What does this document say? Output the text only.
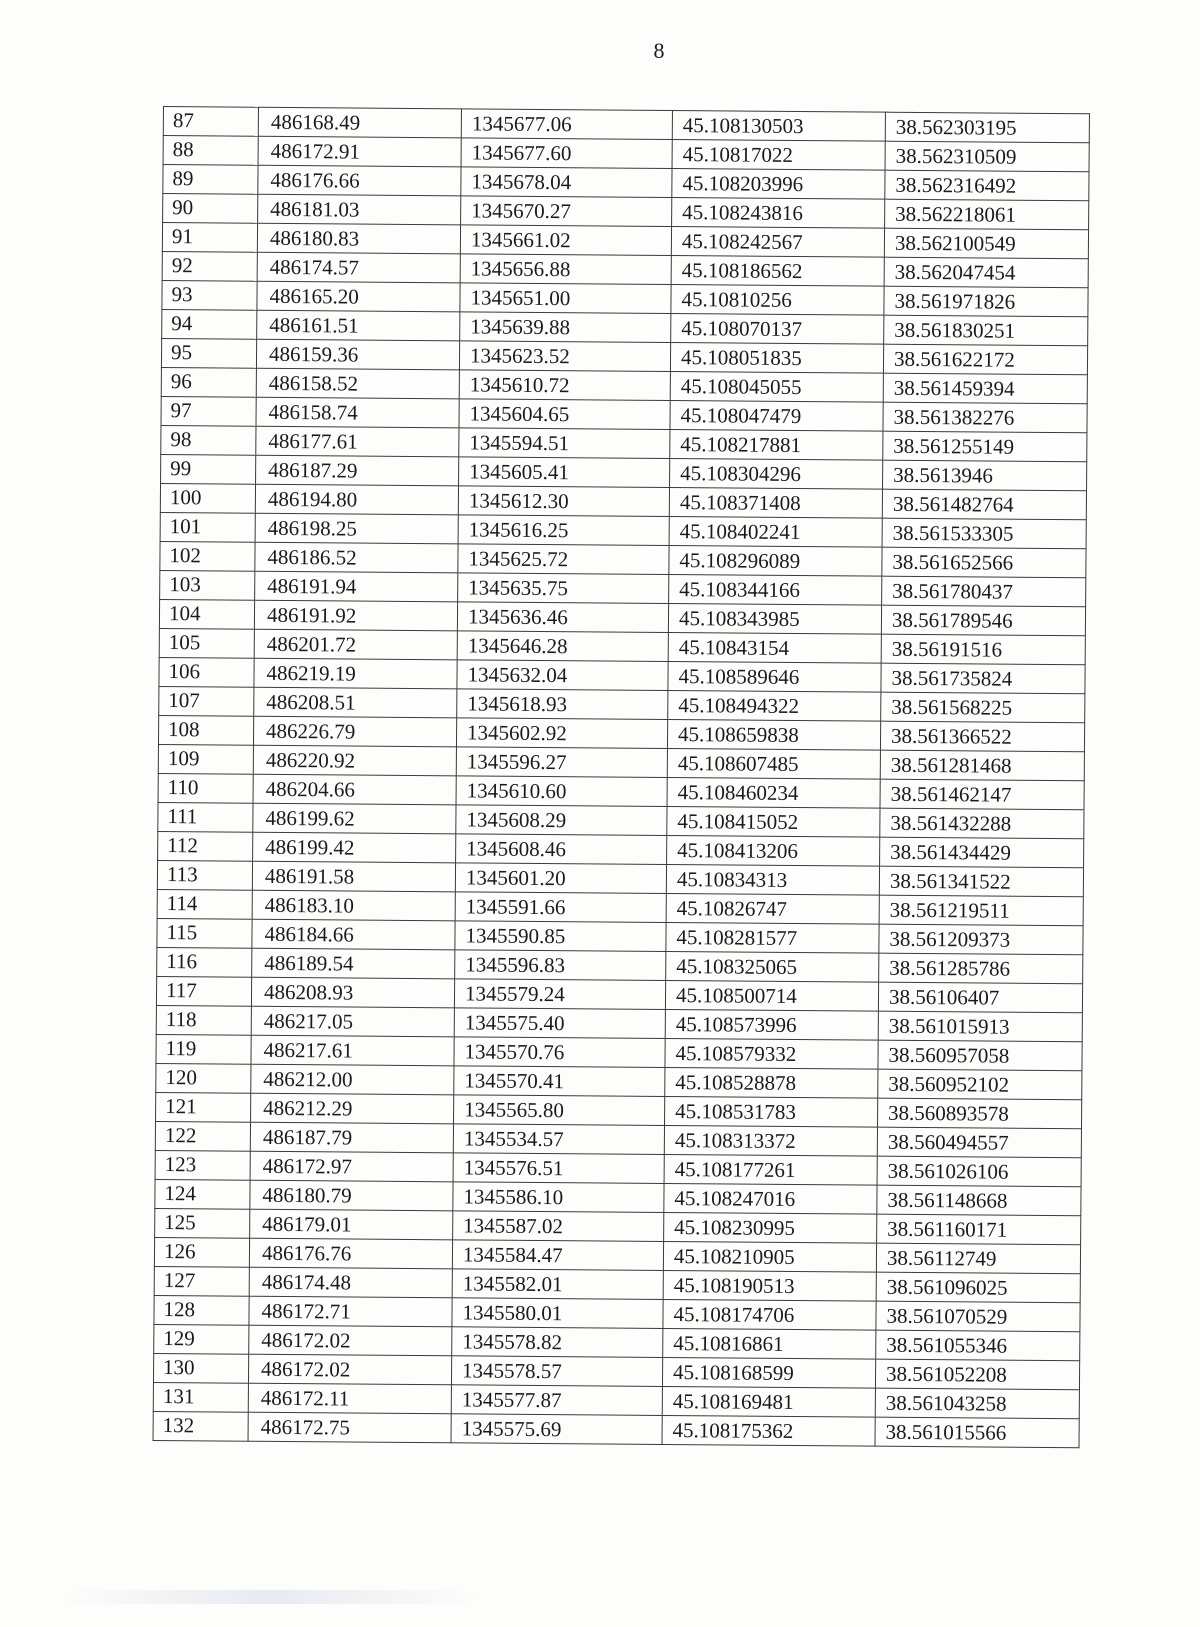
8
87	486168.49	1345677.06	45.108130503	38.562303195
88	486172.91	1345677.60	45.10817022	38.562310509
89	486176.66	1345678.04	45.108203996	38.562316492
90	486181.03	1345670.27	45.108243816	38.562218061
91	486180.83	1345661.02	45.108242567	38.562100549
92	486174.57	1345656.88	45.108186562	38.562047454
93	486165.20	1345651.00	45.10810256	38.561971826
94	486161.51	1345639.88	45.108070137	38.561830251
95	486159.36	1345623.52	45.108051835	38.561622172
96	486158.52	1345610.72	45.108045055	38.561459394
97	486158.74	1345604.65	45.108047479	38.561382276
98	486177.61	1345594.51	45.108217881	38.561255149
99	486187.29	1345605.41	45.108304296	38.5613946
100	486194.80	1345612.30	45.108371408	38.561482764
101	486198.25	1345616.25	45.108402241	38.561533305
102	486186.52	1345625.72	45.108296089	38.561652566
103	486191.94	1345635.75	45.108344166	38.561780437
104	486191.92	1345636.46	45.108343985	38.561789546
105	486201.72	1345646.28	45.10843154	38.56191516
106	486219.19	1345632.04	45.108589646	38.561735824
107	486208.51	1345618.93	45.108494322	38.561568225
108	486226.79	1345602.92	45.108659838	38.561366522
109	486220.92	1345596.27	45.108607485	38.561281468
110	486204.66	1345610.60	45.108460234	38.561462147
111	486199.62	1345608.29	45.108415052	38.561432288
112	486199.42	1345608.46	45.108413206	38.561434429
113	486191.58	1345601.20	45.10834313	38.561341522
114	486183.10	1345591.66	45.10826747	38.561219511
115	486184.66	1345590.85	45.108281577	38.561209373
116	486189.54	1345596.83	45.108325065	38.561285786
117	486208.93	1345579.24	45.108500714	38.56106407
118	486217.05	1345575.40	45.108573996	38.561015913
119	486217.61	1345570.76	45.108579332	38.560957058
120	486212.00	1345570.41	45.108528878	38.560952102
121	486212.29	1345565.80	45.108531783	38.560893578
122	486187.79	1345534.57	45.108313372	38.560494557
123	486172.97	1345576.51	45.108177261	38.561026106
124	486180.79	1345586.10	45.108247016	38.561148668
125	486179.01	1345587.02	45.108230995	38.561160171
126	486176.76	1345584.47	45.108210905	38.56112749
127	486174.48	1345582.01	45.108190513	38.561096025
128	486172.71	1345580.01	45.108174706	38.561070529
129	486172.02	1345578.82	45.10816861	38.561055346
130	486172.02	1345578.57	45.108168599	38.561052208
131	486172.11	1345577.87	45.108169481	38.561043258
132	486172.75	1345575.69	45.108175362	38.561015566
